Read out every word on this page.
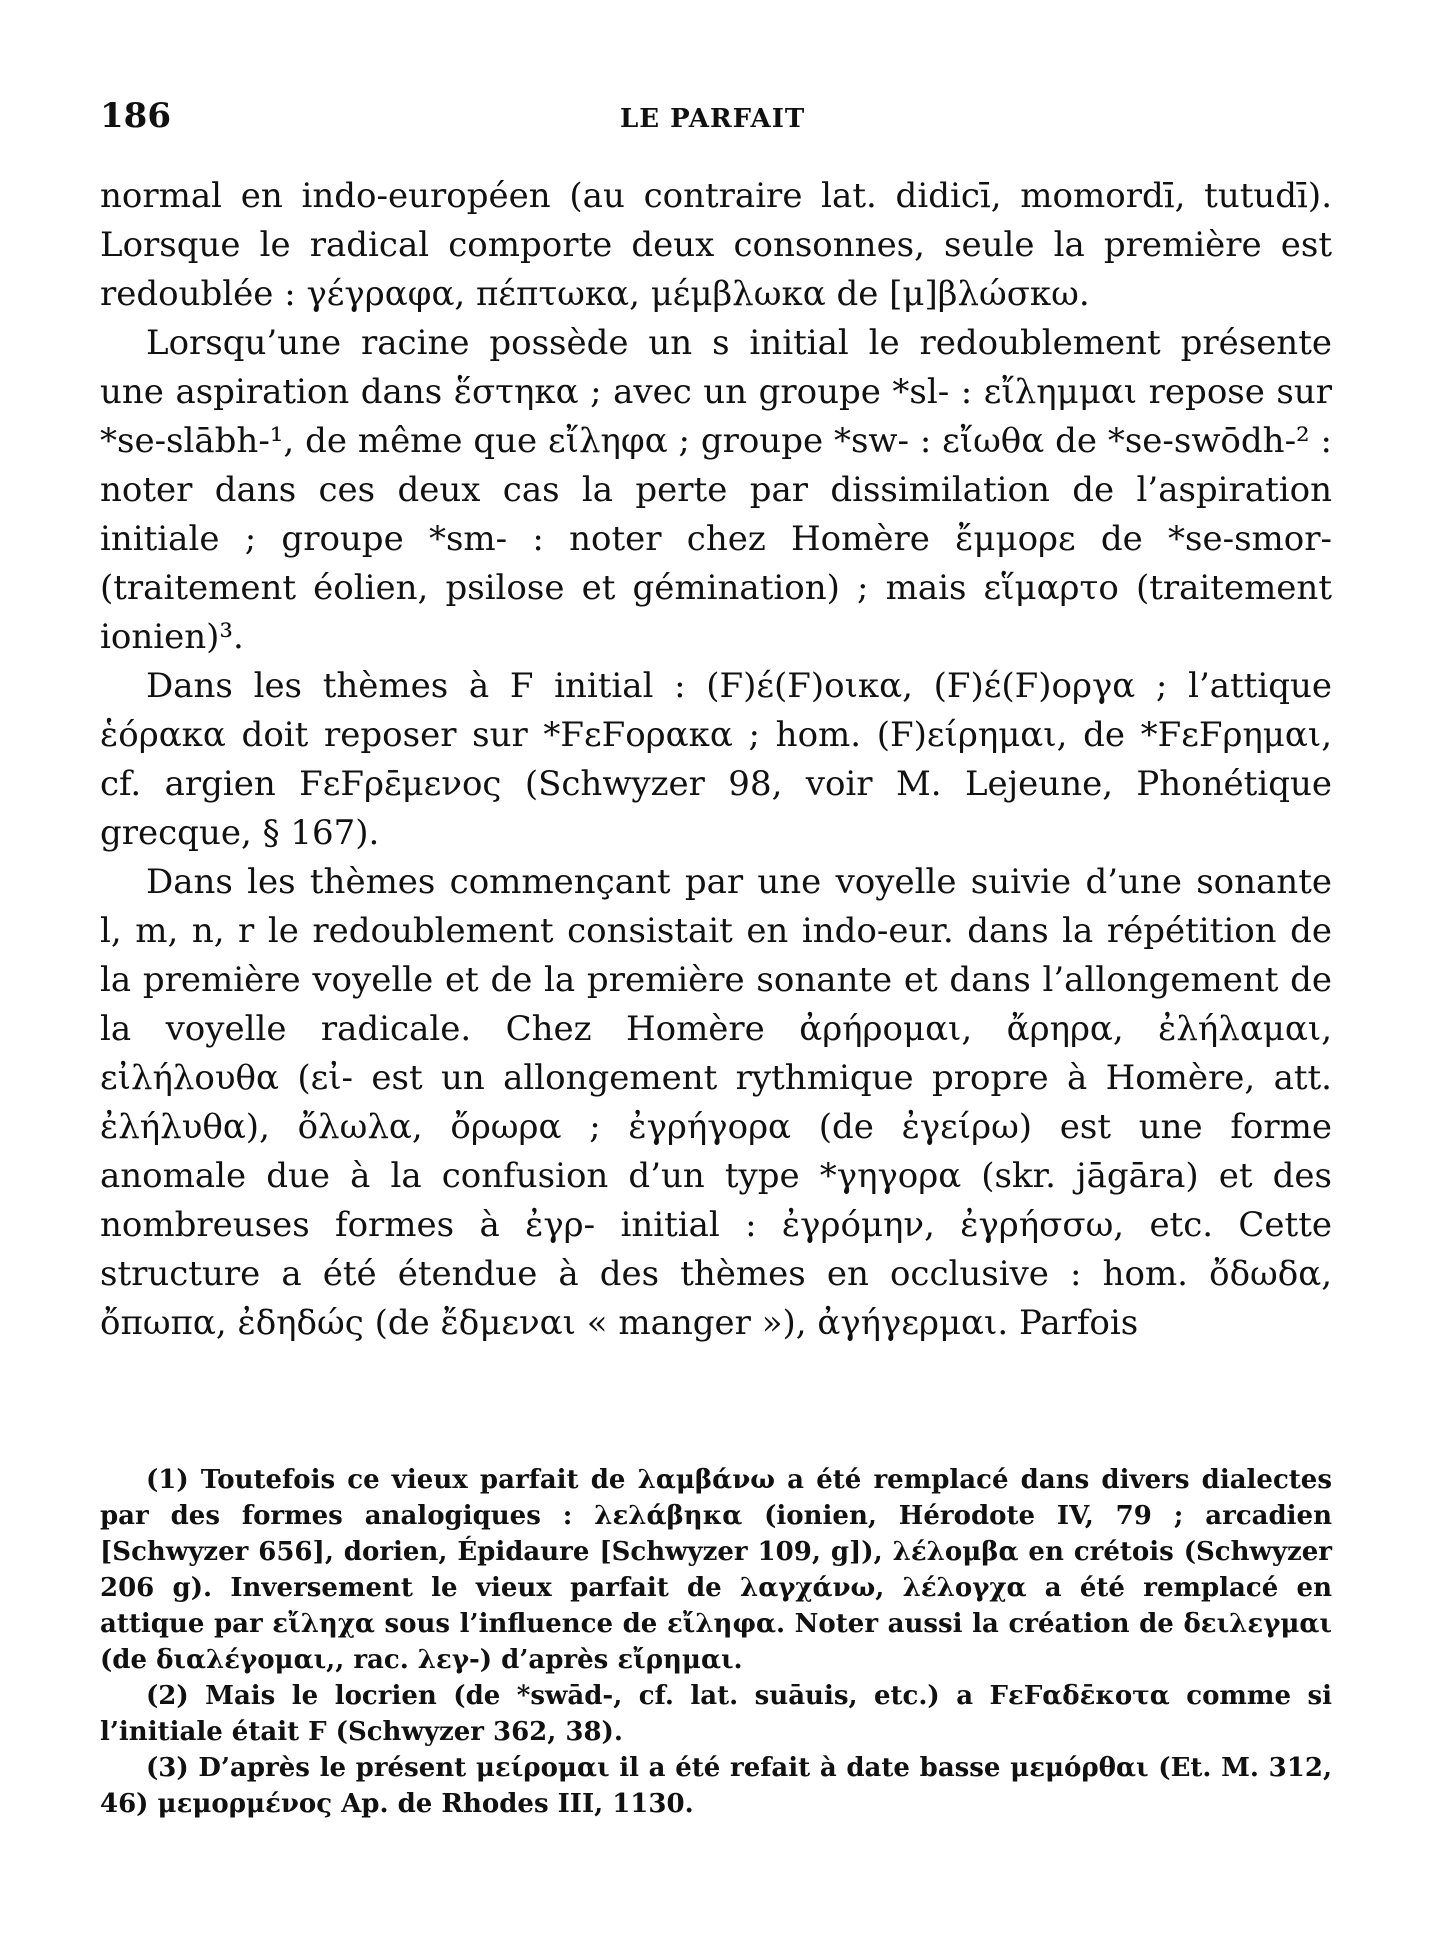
186	LE PARFAIT

normal en indo-européen (au contraire lat. didicī, momordī, tutudī). Lorsque le radical comporte deux consonnes, seule la première est redoublée : γέγραφα, πέπτωκα, μέμβλωκα de [μ]βλώσκω.

Lorsqu’une racine possède un s initial le redoublement présente une aspiration dans ἕστηκα ; avec un groupe *sl- : εἴλημμαι repose sur *se-slābh-¹, de même que εἴληφα ; groupe *sw- : εἴωθα de *se-swōdh-² : noter dans ces deux cas la perte par dissimilation de l’aspiration initiale ; groupe *sm- : noter chez Homère ἔμμορε de *se-smor- (traitement éolien, psilose et gémination) ; mais εἵμαρτο (traitement ionien)³.

Dans les thèmes à Ϝ initial : (Ϝ)έ(Ϝ)οικα, (Ϝ)έ(Ϝ)οργα ; l’attique ἑόρακα doit reposer sur *ϜεϜορακα ; hom. (Ϝ)είρημαι, de *ϜεϜρημαι, cf. argien ϜεϜρε̄μενος (Schwyzer 98, voir M. Lejeune, Phonétique grecque, § 167).

Dans les thèmes commençant par une voyelle suivie d’une sonante l, m, n, r le redoublement consistait en indo-eur. dans la répétition de la première voyelle et de la première sonante et dans l’allongement de la voyelle radicale. Chez Homère ἀρήρομαι, ἄρηρα, ἐλήλαμαι, εἰλήλουθα (εἰ- est un allongement rythmique propre à Homère, att. ἐλήλυθα), ὄλωλα, ὄρωρα ; ἐγρήγορα (de ἐγείρω) est une forme anomale due à la confusion d’un type *γηγορα (skr. jāgāra) et des nombreuses formes à ἐγρ- initial : ἐγρόμην, ἐγρήσσω, etc. Cette structure a été étendue à des thèmes en occlusive : hom. ὄδωδα, ὄπωπα, ἐδηδώς (de ἔδμεναι « manger »), ἀγήγερμαι. Parfois

(1) Toutefois ce vieux parfait de λαμβάνω a été remplacé dans divers dialectes par des formes analogiques : λελάβηκα (ionien, Hérodote IV, 79 ; arcadien [Schwyzer 656], dorien, Épidaure [Schwyzer 109, g]), λέλομβα en crétois (Schwyzer 206 g). Inversement le vieux parfait de λαγχάνω, λέλογχα a été remplacé en attique par εἴληχα sous l’influence de εἴληφα. Noter aussi la création de δειλεγμαι (de διαλέγομαι,, rac. λεγ-) d’après εἴρημαι.

(2) Mais le locrien (de *swād-, cf. lat. suāuis, etc.) a ϜεϜαδε̄κοτα comme si l’initiale était Ϝ (Schwyzer 362, 38).

(3) D’après le présent μείρομαι il a été refait à date basse μεμόρθαι (Et. M. 312, 46) μεμορμένος Ap. de Rhodes III, 1130.
